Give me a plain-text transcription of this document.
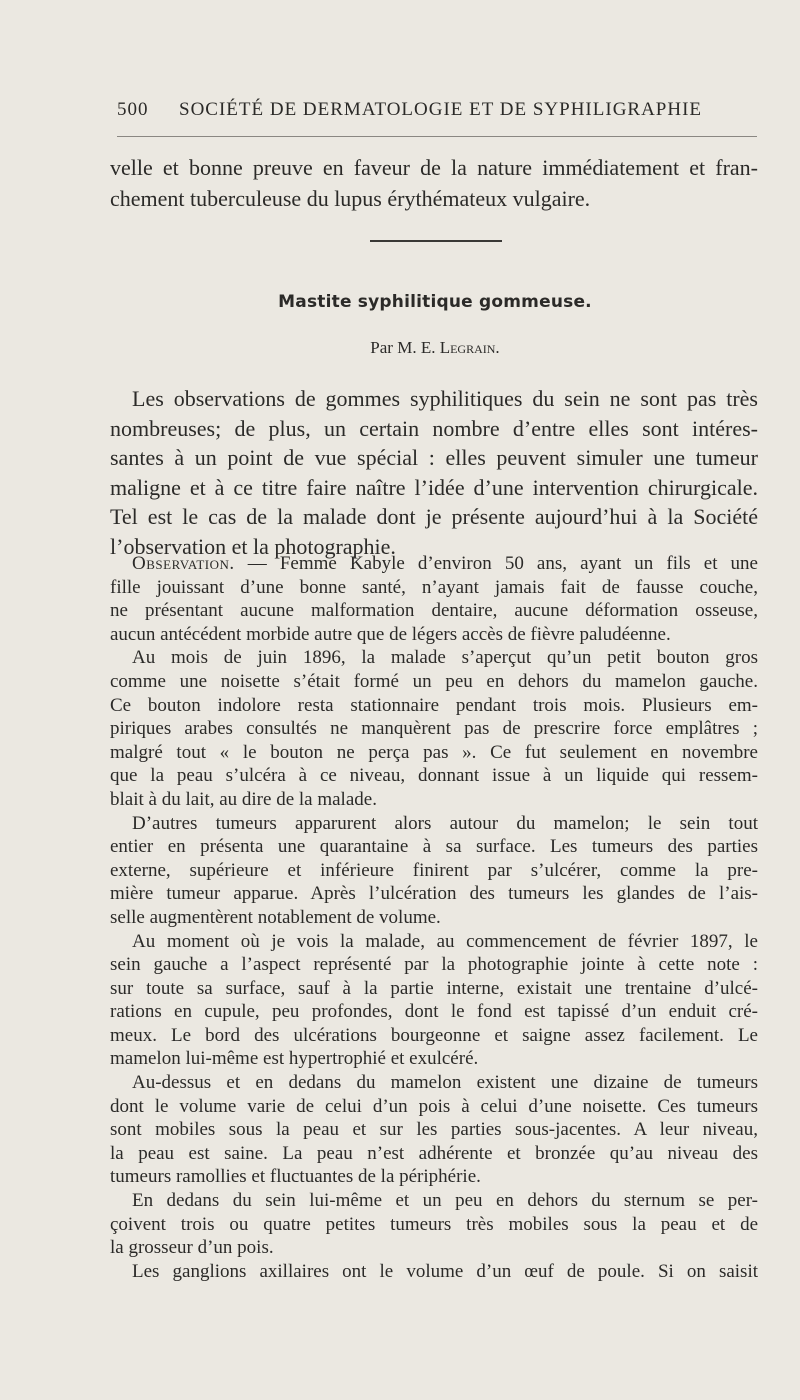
500 SOCIÉTÉ DE DERMATOLOGIE ET DE SYPHILIGRAPHIE
velle et bonne preuve en faveur de la nature immédiatement et fran-
chement tuberculeuse du lupus érythémateux vulgaire.
Mastite syphilitique gommeuse.
Par M. E. Legrain.
Les observations de gommes syphilitiques du sein ne sont pas très
nombreuses; de plus, un certain nombre d’entre elles sont intéres-
santes à un point de vue spécial : elles peuvent simuler une tumeur
maligne et à ce titre faire naître l’idée d’une intervention chirurgicale.
Tel est le cas de la malade dont je présente aujourd’hui à la Société
l’observation et la photographie.
Observation. — Femme Kabyle d’environ 50 ans, ayant un fils et une
fille jouissant d’une bonne santé, n’ayant jamais fait de fausse couche,
ne présentant aucune malformation dentaire, aucune déformation osseuse,
aucun antécédent morbide autre que de légers accès de fièvre paludéenne.
Au mois de juin 1896, la malade s’aperçut qu’un petit bouton gros
comme une noisette s’était formé un peu en dehors du mamelon gauche.
Ce bouton indolore resta stationnaire pendant trois mois. Plusieurs em-
piriques arabes consultés ne manquèrent pas de prescrire force emplâtres ;
malgré tout « le bouton ne perça pas ». Ce fut seulement en novembre
que la peau s’ulcéra à ce niveau, donnant issue à un liquide qui ressem-
blait à du lait, au dire de la malade.
D’autres tumeurs apparurent alors autour du mamelon; le sein tout
entier en présenta une quarantaine à sa surface. Les tumeurs des parties
externe, supérieure et inférieure finirent par s’ulcérer, comme la pre-
mière tumeur apparue. Après l’ulcération des tumeurs les glandes de l’ais-
selle augmentèrent notablement de volume.
Au moment où je vois la malade, au commencement de février 1897, le
sein gauche a l’aspect représenté par la photographie jointe à cette note :
sur toute sa surface, sauf à la partie interne, existait une trentaine d’ulcé-
rations en cupule, peu profondes, dont le fond est tapissé d’un enduit cré-
meux. Le bord des ulcérations bourgeonne et saigne assez facilement. Le
mamelon lui-même est hypertrophié et exulcéré.
Au-dessus et en dedans du mamelon existent une dizaine de tumeurs
dont le volume varie de celui d’un pois à celui d’une noisette. Ces tumeurs
sont mobiles sous la peau et sur les parties sous-jacentes. A leur niveau,
la peau est saine. La peau n’est adhérente et bronzée qu’au niveau des
tumeurs ramollies et fluctuantes de la périphérie.
En dedans du sein lui-même et un peu en dehors du sternum se per-
çoivent trois ou quatre petites tumeurs très mobiles sous la peau et de
la grosseur d’un pois.
Les ganglions axillaires ont le volume d’un œuf de poule. Si on saisit
